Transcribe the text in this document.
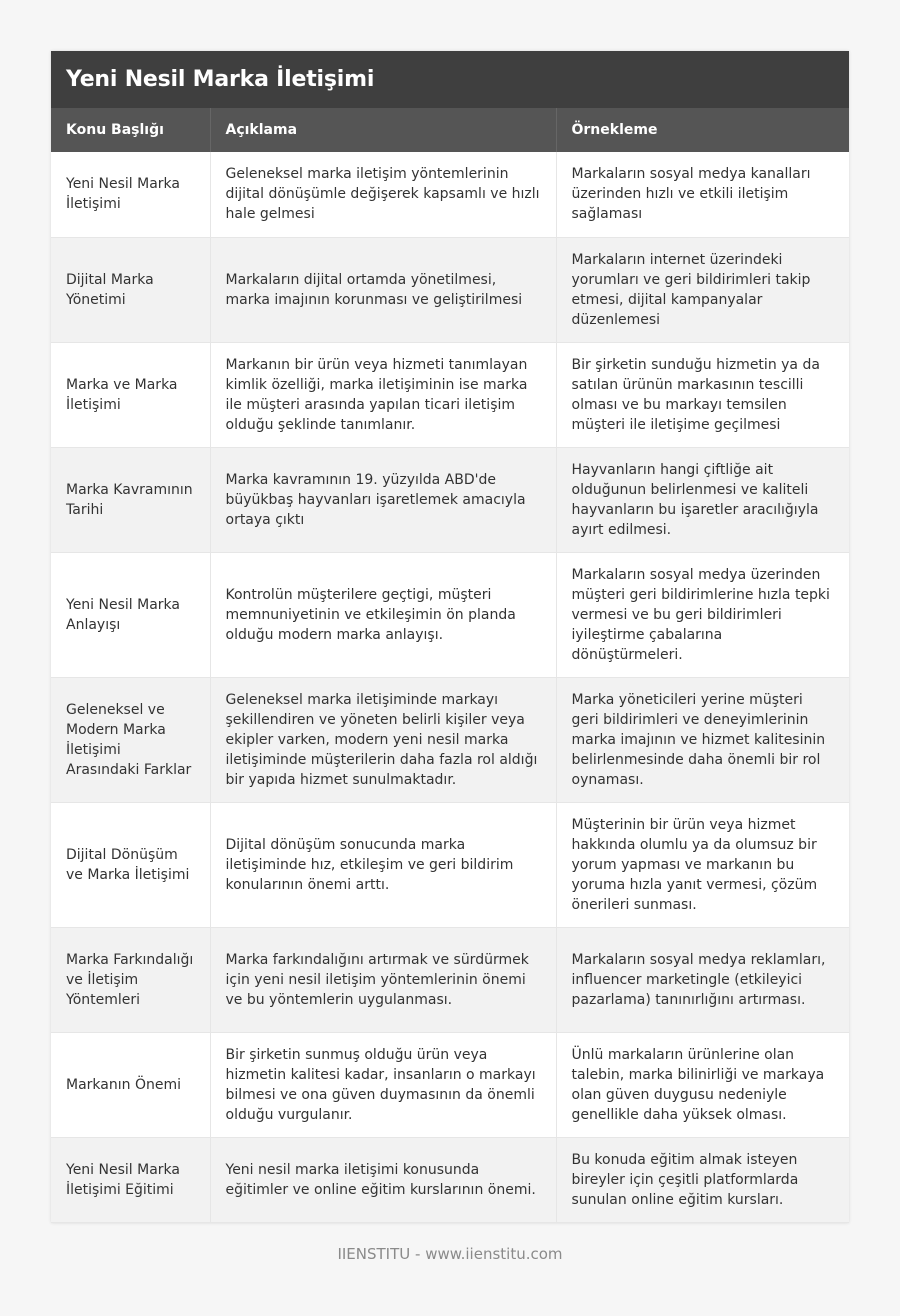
Yeni Nesil Marka İletişimi
Konu Başlığı	Açıklama	Örnekleme
Yeni Nesil Marka İletişimi	Geleneksel marka iletişim yöntemlerinin dijital dönüşümle değişerek kapsamlı ve hızlı hale gelmesi	Markaların sosyal medya kanalları üzerinden hızlı ve etkili iletişim sağlaması
Dijital Marka Yönetimi	Markaların dijital ortamda yönetilmesi, marka imajının korunması ve geliştirilmesi	Markaların internet üzerindeki yorumları ve geri bildirimleri takip etmesi, dijital kampanyalar düzenlemesi
Marka ve Marka İletişimi	Markanın bir ürün veya hizmeti tanımlayan kimlik özelliği, marka iletişiminin ise marka ile müşteri arasında yapılan ticari iletişim olduğu şeklinde tanımlanır.	Bir şirketin sunduğu hizmetin ya da satılan ürünün markasının tescilli olması ve bu markayı temsilen müşteri ile iletişime geçilmesi
Marka Kavramının Tarihi	Marka kavramının 19. yüzyılda ABD'de büyükbaş hayvanları işaretlemek amacıyla ortaya çıktı	Hayvanların hangi çiftliğe ait olduğunun belirlenmesi ve kaliteli hayvanların bu işaretler aracılığıyla ayırt edilmesi.
Yeni Nesil Marka Anlayışı	Kontrolün müşterilere geçtigi, müşteri memnuniyetinin ve etkileşimin ön planda olduğu modern marka anlayışı.	Markaların sosyal medya üzerinden müşteri geri bildirimlerine hızla tepki vermesi ve bu geri bildirimleri iyileştirme çabalarına dönüştürmeleri.
Geleneksel ve Modern Marka İletişimi Arasındaki Farklar	Geleneksel marka iletişiminde markayı şekillendiren ve yöneten belirli kişiler veya ekipler varken, modern yeni nesil marka iletişiminde müşterilerin daha fazla rol aldığı bir yapıda hizmet sunulmaktadır.	Marka yöneticileri yerine müşteri geri bildirimleri ve deneyimlerinin marka imajının ve hizmet kalitesinin belirlenmesinde daha önemli bir rol oynaması.
Dijital Dönüşüm ve Marka İletişimi	Dijital dönüşüm sonucunda marka iletişiminde hız, etkileşim ve geri bildirim konularının önemi arttı.	Müşterinin bir ürün veya hizmet hakkında olumlu ya da olumsuz bir yorum yapması ve markanın bu yoruma hızla yanıt vermesi, çözüm önerileri sunması.
Marka Farkındalığı ve İletişim Yöntemleri	Marka farkındalığını artırmak ve sürdürmek için yeni nesil iletişim yöntemlerinin önemi ve bu yöntemlerin uygulanması.	Markaların sosyal medya reklamları, influencer marketingle (etkileyici pazarlama) tanınırlığını artırması.
Markanın Önemi	Bir şirketin sunmuş olduğu ürün veya hizmetin kalitesi kadar, insanların o markayı bilmesi ve ona güven duymasının da önemli olduğu vurgulanır.	Ünlü markaların ürünlerine olan talebin, marka bilinirliği ve markaya olan güven duygusu nedeniyle genellikle daha yüksek olması.
Yeni Nesil Marka İletişimi Eğitimi	Yeni nesil marka iletişimi konusunda eğitimler ve online eğitim kurslarının önemi.	Bu konuda eğitim almak isteyen bireyler için çeşitli platformlarda sunulan online eğitim kursları.
IIENSTITU - www.iienstitu.com
